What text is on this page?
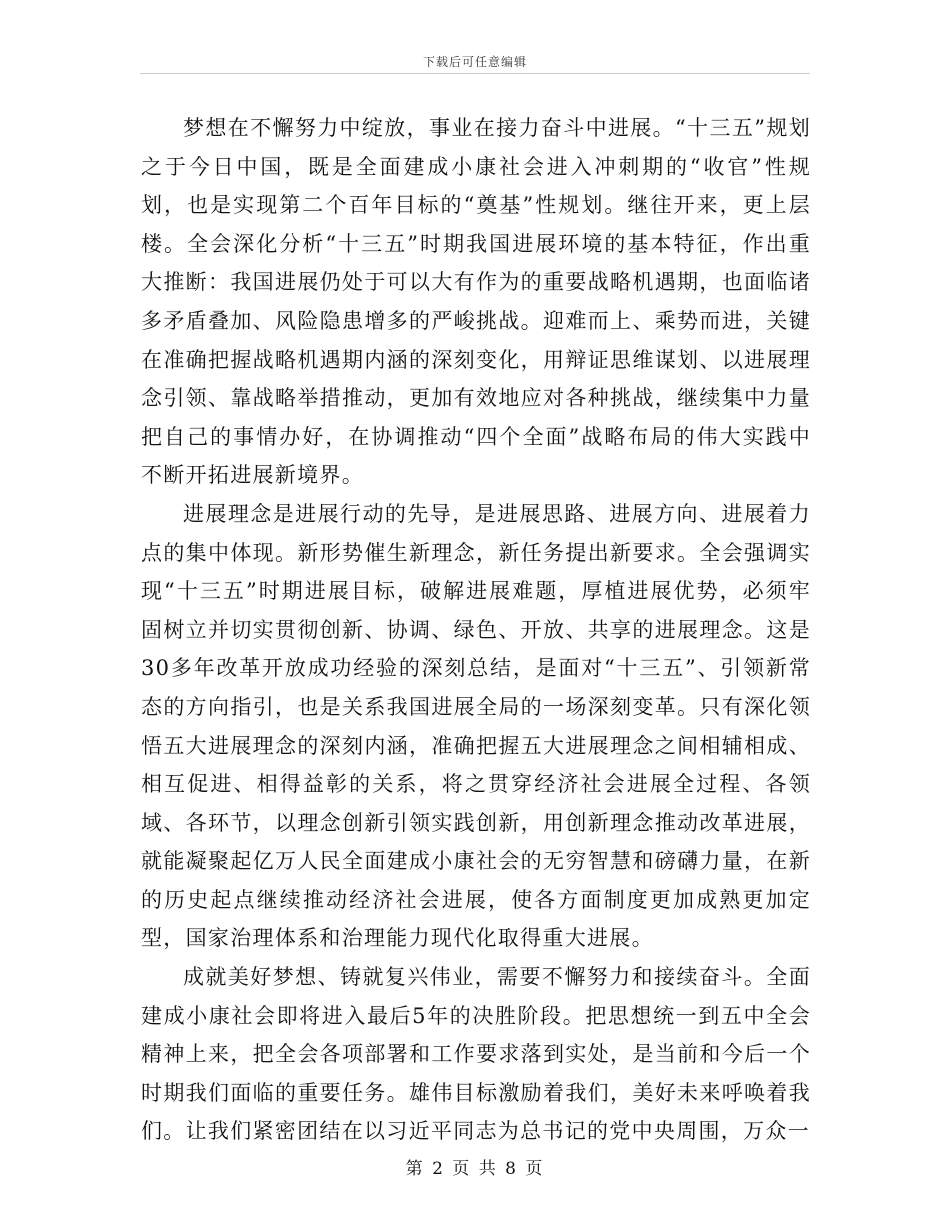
下载后可任意编辑

梦想在不懈努力中绽放，事业在接力奋斗中进展。“十三五”规划之于今日中国，既是全面建成小康社会进入冲刺期的“收官”性规划，也是实现第二个百年目标的“奠基”性规划。继往开来，更上层楼。全会深化分析“十三五”时期我国进展环境的基本特征，作出重大推断：我国进展仍处于可以大有作为的重要战略机遇期，也面临诸多矛盾叠加、风险隐患增多的严峻挑战。迎难而上、乘势而进，关键在准确把握战略机遇期内涵的深刻变化，用辩证思维谋划、以进展理念引领、靠战略举措推动，更加有效地应对各种挑战，继续集中力量把自己的事情办好，在协调推动“四个全面”战略布局的伟大实践中不断开拓进展新境界。

进展理念是进展行动的先导，是进展思路、进展方向、进展着力点的集中体现。新形势催生新理念，新任务提出新要求。全会强调实现“十三五”时期进展目标，破解进展难题，厚植进展优势，必须牢固树立并切实贯彻创新、协调、绿色、开放、共享的进展理念。这是30多年改革开放成功经验的深刻总结，是面对“十三五”、引领新常态的方向指引，也是关系我国进展全局的一场深刻变革。只有深化领悟五大进展理念的深刻内涵，准确把握五大进展理念之间相辅相成、相互促进、相得益彰的关系，将之贯穿经济社会进展全过程、各领域、各环节，以理念创新引领实践创新，用创新理念推动改革进展，就能凝聚起亿万人民全面建成小康社会的无穷智慧和磅礴力量，在新的历史起点继续推动经济社会进展，使各方面制度更加成熟更加定型，国家治理体系和治理能力现代化取得重大进展。

成就美好梦想、铸就复兴伟业，需要不懈努力和接续奋斗。全面建成小康社会即将进入最后5年的决胜阶段。把思想统一到五中全会精神上来，把全会各项部署和工作要求落到实处，是当前和今后一个时期我们面临的重要任务。雄伟目标激励着我们，美好未来呼唤着我们。让我们紧密团结在以习近平同志为总书记的党中央周围，万众一

第 2 页 共 8 页
